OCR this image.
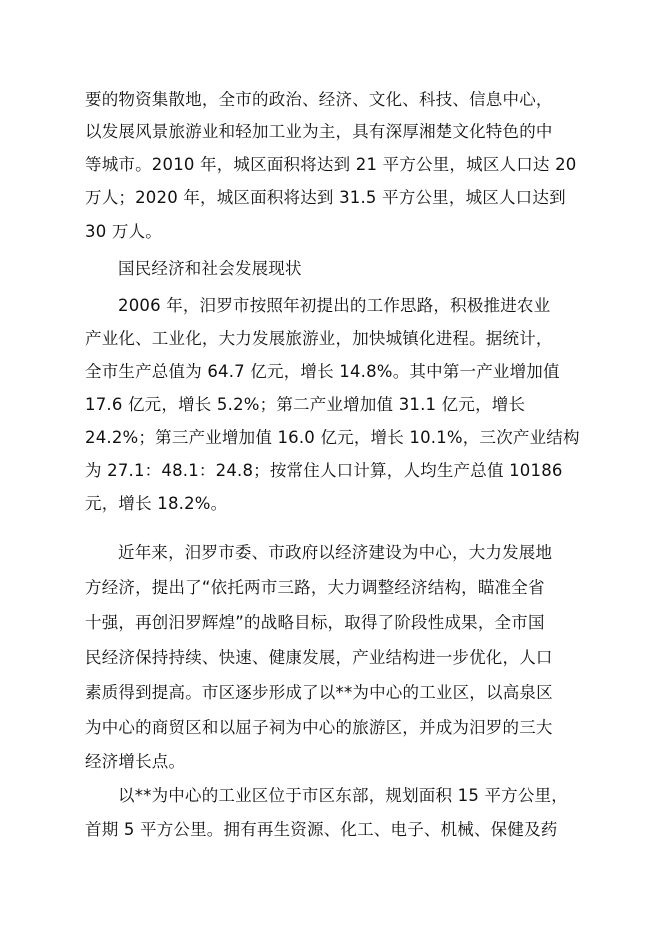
要的物资集散地，全市的政治、经济、文化、科技、信息中心，
以发展风景旅游业和轻加工业为主，具有深厚湘楚文化特色的中
等城市。2010 年，城区面积将达到 21 平方公里，城区人口达 20
万人；2020 年，城区面积将达到 31.5 平方公里，城区人口达到
30 万人。
国民经济和社会发展现状
2006 年，汨罗市按照年初提出的工作思路，积极推进农业
产业化、工业化，大力发展旅游业，加快城镇化进程。据统计，
全市生产总值为 64.7 亿元，增长 14.8%。其中第一产业增加值
17.6 亿元，增长 5.2%；第二产业增加值 31.1 亿元，增长
24.2%；第三产业增加值 16.0 亿元，增长 10.1%，三次产业结构
为 27.1：48.1：24.8；按常住人口计算，人均生产总值 10186
元，增长 18.2%。
近年来，汨罗市委、市政府以经济建设为中心，大力发展地
方经济，提出了“依托两市三路，大力调整经济结构，瞄准全省
十强，再创汨罗辉煌”的战略目标，取得了阶段性成果，全市国
民经济保持持续、快速、健康发展，产业结构进一步优化，人口
素质得到提高。市区逐步形成了以**为中心的工业区，以高泉区
为中心的商贸区和以屈子祠为中心的旅游区，并成为汨罗的三大
经济增长点。
以**为中心的工业区位于市区东部，规划面积 15 平方公里，
首期 5 平方公里。拥有再生资源、化工、电子、机械、保健及药
